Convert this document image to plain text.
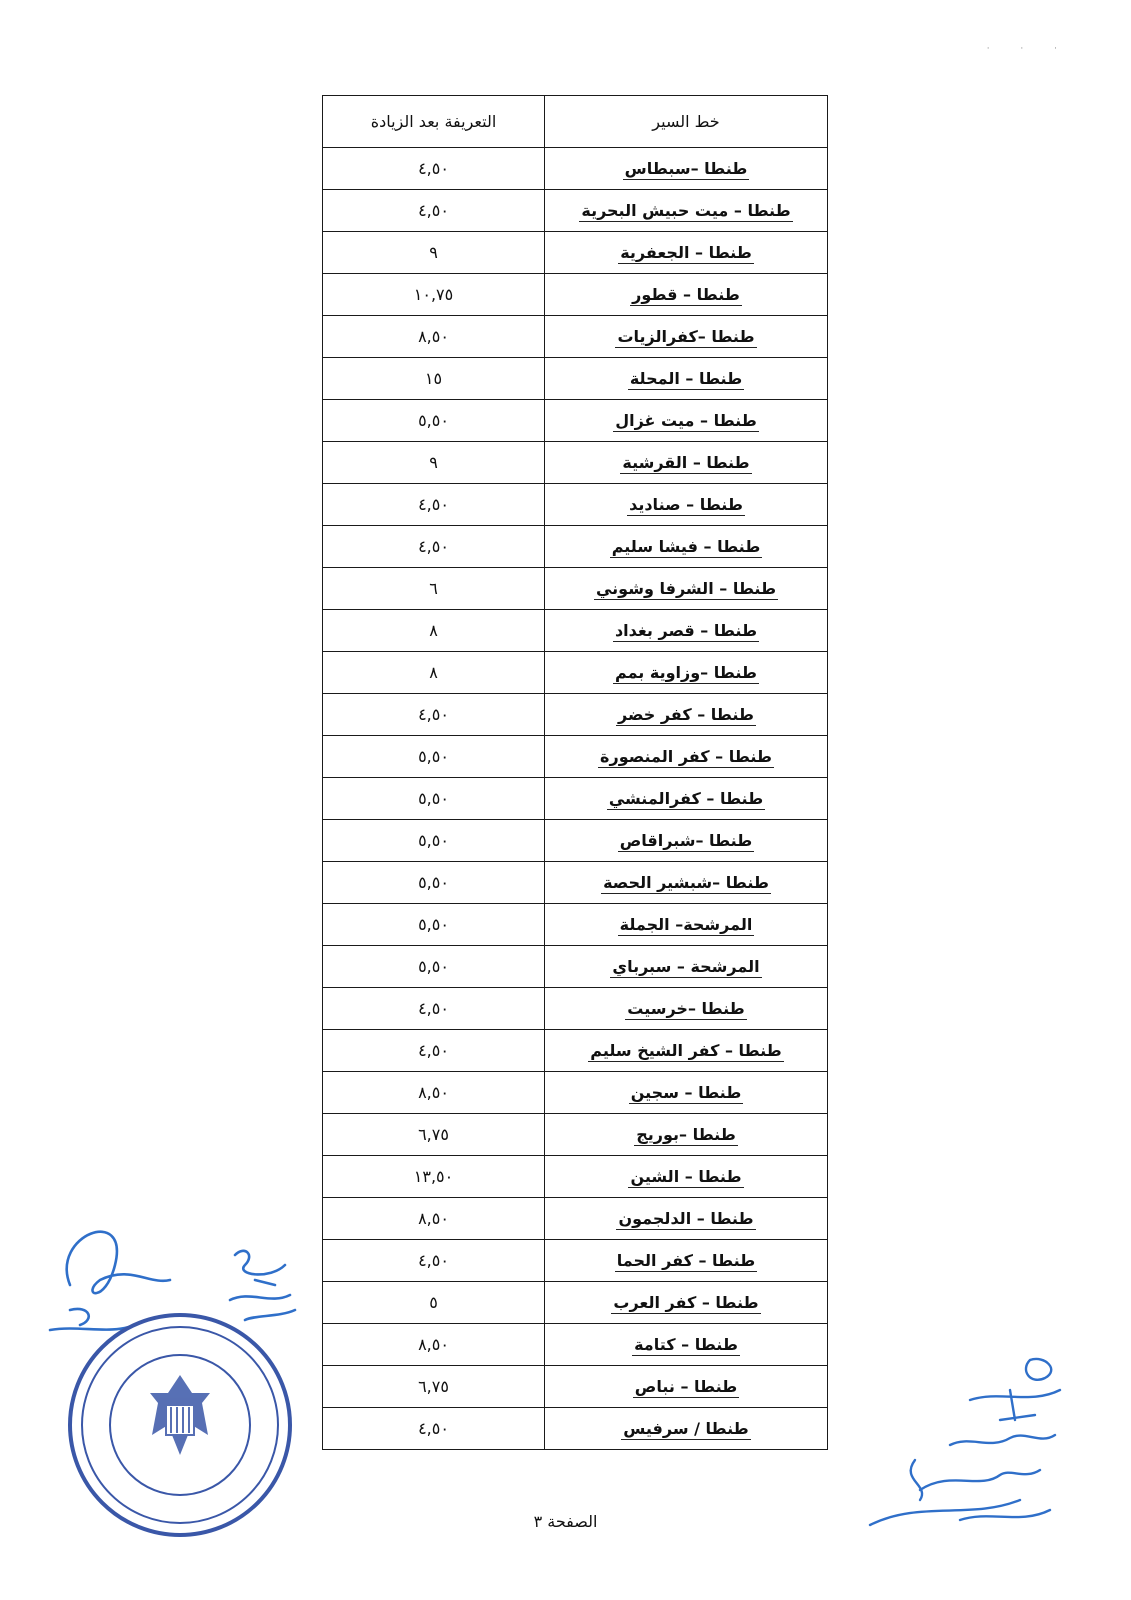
· · ·
خط السير	التعريفة بعد الزيادة
طنطا –سبطاس	٤,٥٠
طنطا – ميت حبيش البحرية	٤,٥٠
طنطا – الجعفرية	٩
طنطا – قطور	١٠,٧٥
طنطا –كفرالزيات	٨,٥٠
طنطا – المحلة	١٥
طنطا – ميت غزال	٥,٥٠
طنطا – القرشية	٩
طنطا – صناديد	٤,٥٠
طنطا – فيشا سليم	٤,٥٠
طنطا – الشرفا وشوني	٦
طنطا – قصر بغداد	٨
طنطا –وزاوية بمم	٨
طنطا – كفر خضر	٤,٥٠
طنطا – كفر المنصورة	٥,٥٠
طنطا – كفرالمنشي	٥,٥٠
طنطا –شبراقاص	٥,٥٠
طنطا –شبشير الحصة	٥,٥٠
المرشحة– الجملة	٥,٥٠
المرشحة – سبرباي	٥,٥٠
طنطا –خرسيت	٤,٥٠
طنطا – كفر الشيخ سليم	٤,٥٠
طنطا – سجين	٨,٥٠
طنطا –بوريج	٦,٧٥
طنطا – الشين	١٣,٥٠
طنطا – الدلجمون	٨,٥٠
طنطا – كفر الحما	٤,٥٠
طنطا – كفر العرب	٥
طنطا – كتامة	٨,٥٠
طنطا – نباص	٦,٧٥
طنطا / سرفيس	٤,٥٠
الصفحة ٣
